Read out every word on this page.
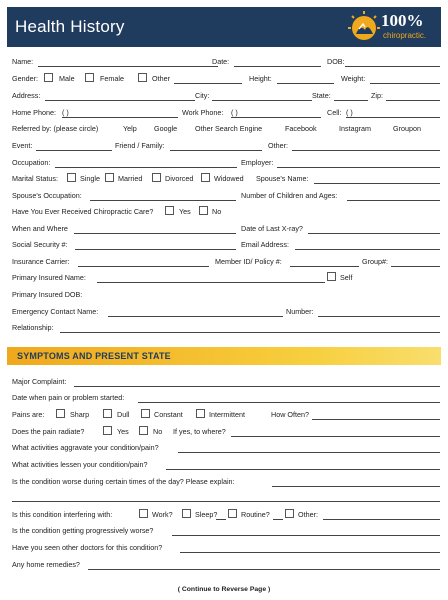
Health History	100%
chiropractic.
Name:	Date:	DOB:
Gender:	Male	Female	Other	Height:	Weight:
Address:	City:	State:	Zip:
Home Phone: ( )	Work Phone: ( )	Cell: ( )
Referred by: (please circle)	Yelp Google Other Search Engine	Facebook	Instagram	Groupon
Event:	Friend / Family:	Other:
Occupation:	Employer:
Marital Status:	Single	Married	Divorced	Widowed Spouse's Name:
Spouse's Occupation:	Number of Children and Ages:
Have You Ever Received Chiropractic Care?	Yes	No
When and Where	Date of Last X-ray?
Social Security #:	Email Address:
Insurance Carrier:	Member ID/ Policy #:	Group#:
Primary Insured Name:	Self
Primary Insured DOB:
Emergency Contact Name:	Number:
Relationship:
SYMPTOMS AND PRESENT STATE
Major Complaint:
Date when pain or problem started:
Pains are:	Sharp	Dull	Constant	Intermittent	How Often?
Does the pain radiate?	Yes	No If yes, to where?
What activities aggravate your condition/pain?
What activities lessen your condition/pain?
Is the condition worse during certain times of the day? Please explain:
Is this condition interfering with:	Work?	Sleep?	Routine?	Other:
Is the condition getting progressively worse?
Have you seen other doctors for this condition?
Any home remedies?
( Continue to Reverse Page )
